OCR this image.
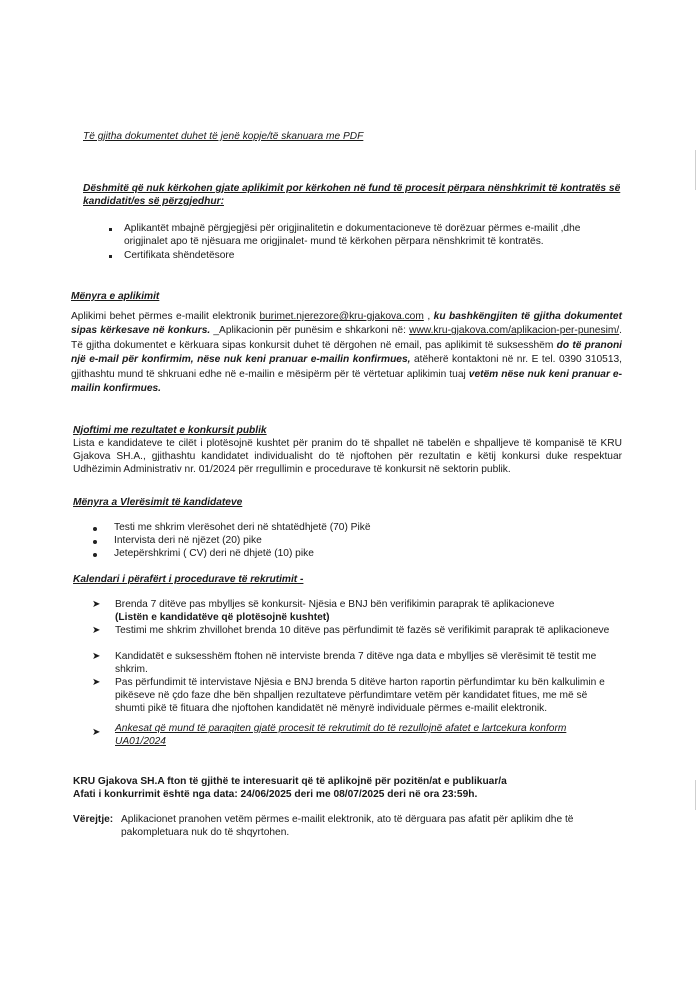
Të gjitha dokumentet duhet të jenë kopje/të skanuara me PDF
Dëshmitë që nuk kërkohen gjate aplikimit por kërkohen në fund të procesit përpara nënshkrimit të kontratës së kandidatit/es së përzgjedhur:
Aplikantët mbajnë përgjegjësi për origjinalitetin e dokumentacioneve të dorëzuar përmes e-mailit ,dhe origjinalet apo të njësuara me origjinalet- mund të kërkohen përpara nënshkrimit të kontratës.
Certifikata shëndetësore
Mënyra e aplikimit
Aplikimi behet përmes e-mailit elektronik burimet.njerezore@kru-gjakova.com , ku bashkëngjiten të gjitha dokumentet sipas kërkesave në konkurs. _Aplikacionin për punësim e shkarkoni në: www.kru-gjakova.com/aplikacion-per-punesim/. Të gjitha dokumentet e kërkuara sipas konkursit duhet të dërgohen në email, pas aplikimit të suksesshëm do të pranoni një e-mail për konfirmim, nëse nuk keni pranuar e-mailin konfirmues, atëherë kontaktoni në nr. E tel. 0390 310513, gjithashtu mund të shkruani edhe në e-mailin e mësipërm për të vërtetuar aplikimin tuaj vetëm nëse nuk keni pranuar e-mailin konfirmues.
Njoftimi me rezultatet e konkursit publik
Lista e kandidateve te cilët i plotësojnë kushtet për pranim do të shpallet në tabelën e shpalljeve të kompanisë të KRU Gjakova SH.A., gjithashtu kandidatet individualisht do të njoftohen për rezultatin e këtij konkursi duke respektuar Udhëzimin Administrativ nr. 01/2024 për rregullimin e procedurave të konkursit në sektorin publik.
Mënyra a Vlerësimit të kandidateve
Testi me shkrim vlerësohet deri në shtatëdhjetë (70) Pikë
Intervista deri në njëzet (20) pike
Jetepërshkrimi ( CV) deri në dhjetë (10) pike
Kalendari i përafërt i procedurave të rekrutimit -
➤ Brenda 7 ditëve pas mbylljes së konkursit- Njësia e BNJ bën verifikimin paraprak të aplikacioneve
(Listën e kandidatëve që plotësojnë kushtet)
➤ Testimi me shkrim zhvillohet brenda 10 ditëve pas përfundimit të fazës së verifikimit paraprak të aplikacioneve
➤ Kandidatët e suksesshëm ftohen në interviste brenda 7 ditëve nga data e mbylljes së vlerësimit të testit me shkrim.
➤ Pas përfundimit të intervistave Njësia e BNJ brenda 5 ditëve harton raportin përfundimtar ku bën kalkulimin e pikëseve në çdo faze dhe bën shpalljen rezultateve përfundimtare vetëm për kandidatet fitues, me më së shumti pikë të fituara dhe njoftohen kandidatët në mënyrë individuale përmes e-mailit elektronik.
➤ Ankesat që mund të paraqiten gjatë procesit të rekrutimit do të rezullojnë afatet e lartcekura konform UA01/2024
KRU Gjakova SH.A fton të gjithë te interesuarit që të aplikojnë për pozitën/at e publikuar/a
Afati i konkurrimit është nga data: 24/06/2025 deri me 08/07/2025 deri në ora 23:59h.
Vërejtje: Aplikacionet pranohen vetëm përmes e-mailit elektronik, ato të dërguara pas afatit për aplikim dhe të pakompletuara nuk do të shqyrtohen.
